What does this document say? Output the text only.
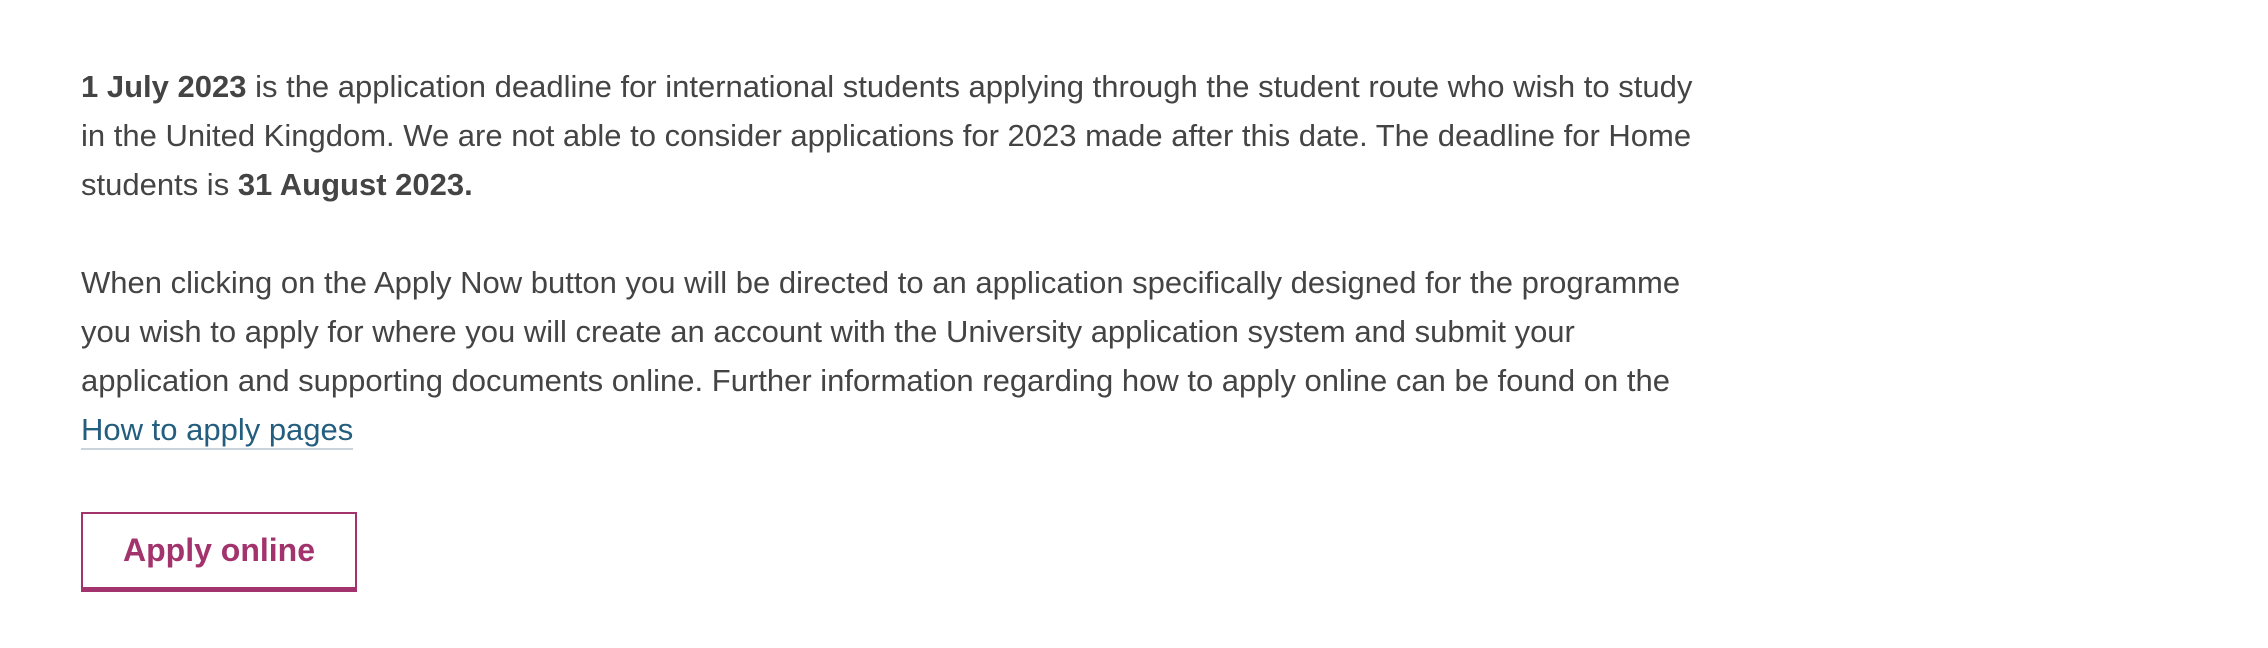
1 July 2023 is the application deadline for international students applying through the student route who wish to study in the United Kingdom. We are not able to consider applications for 2023 made after this date. The deadline for Home students is 31 August 2023.

When clicking on the Apply Now button you will be directed to an application specifically designed for the programme you wish to apply for where you will create an account with the University application system and submit your application and supporting documents online. Further information regarding how to apply online can be found on the How to apply pages

Apply online
